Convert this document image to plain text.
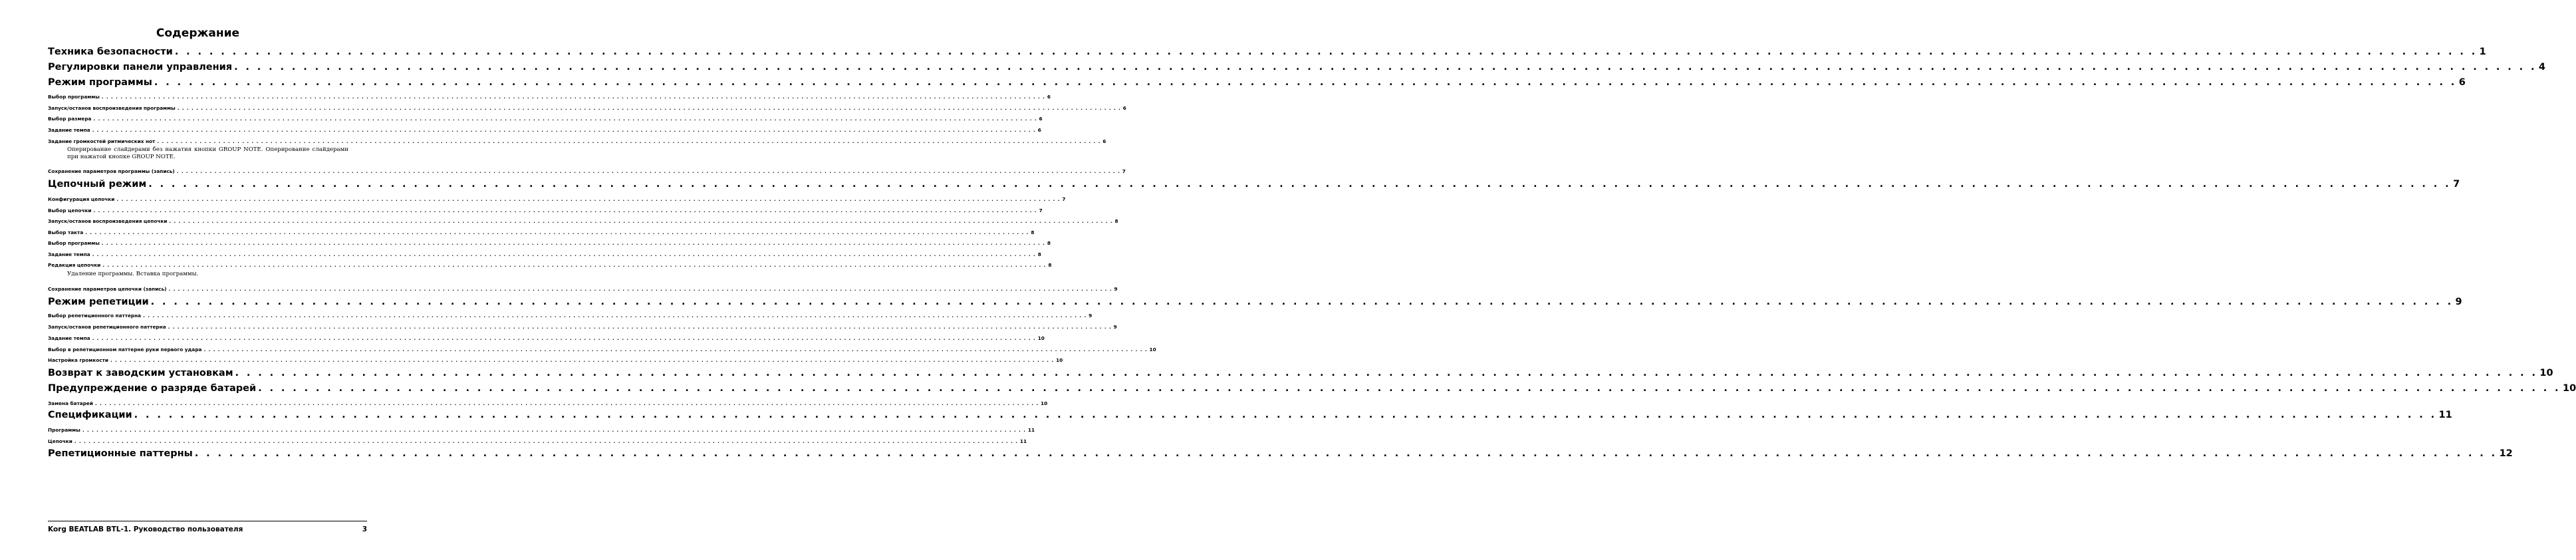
Содержание
Техника безопасности . . . . . . . . . . . . . . . . . . . . . . . . . . . . . . . . . . . . . . . . . . . . . . . . . . . . . . . . . . . . . . . . . . . . . . . . . . . . . . . . . . . . . . . . . . . . . . . . . . . . . . . . . . . . . . . . . . . . . . . . . . . . . . . . . . . . . . . . . . . . . . . . . . . . . . . . . . . . . . . . . . . . . . . . . . . . . . . . . . . . . . . . . . . . . . . . . . . . . . . . 1
Регулировки панели управления . . . . . . . . . . . . . . . . . . . . . . . . . . . . . . . . . . . . . . . . . . . . . . . . . . . . . . . . . . . . . . . . . . . . . . . . . . . . . . . . . . . . . . . . . . . . . . . . . . . . . . . . . . . . . . . . . . . . . . . . . . . . . . . . . . . . . . . . . . . . . . . . . . . . . . . . . . . . . . . . . . . . . . . . . . . . . . . . . . . . . . . . . . . . . . . . . . . . . . . . 4
Режим программы . . . . . . . . . . . . . . . . . . . . . . . . . . . . . . . . . . . . . . . . . . . . . . . . . . . . . . . . . . . . . . . . . . . . . . . . . . . . . . . . . . . . . . . . . . . . . . . . . . . . . . . . . . . . . . . . . . . . . . . . . . . . . . . . . . . . . . . . . . . . . . . . . . . . . . . . . . . . . . . . . . . . . . . . . . . . . . . . . . . . . . . . . . . . . . . . . . . . . . . . 6
Выбор программы . . . . . . . . . . . . . . . . . . . . . . . . . . . . . . . . . . . . . . . . . . . . . . . . . . . . . . . . . . . . . . . . . . . . . . . . . . . . . . . . . . . . . . . . . . . . . . . . . . . . . . . . . . . . . . . . . . . . . . . . . . . . . . . . . . . . . . . . . . . . . . . . . . . . . . . . . . . . . . . . . . . . . . . . . . . . . . . . . . . . . . . . . . . . . . . . . . . . . . . . 6
Запуск/останов воспроизведения программы . . . . . . . . . . . . . . . . . . . . . . . . . . . . . . . . . . . . . . . . . . . . . . . . . . . . . . . . . . . . . . . . . . . . . . . . . . . . . . . . . . . . . . . . . . . . . . . . . . . . . . . . . . . . . . . . . . . . . . . . . . . . . . . . . . . . . . . . . . . . . . . . . . . . . . . . . . . . . . . . . . . . . . . . . . . . . . . . . . . . . . . . . . . . . . . . . . . . . . . . 6
Выбор размера . . . . . . . . . . . . . . . . . . . . . . . . . . . . . . . . . . . . . . . . . . . . . . . . . . . . . . . . . . . . . . . . . . . . . . . . . . . . . . . . . . . . . . . . . . . . . . . . . . . . . . . . . . . . . . . . . . . . . . . . . . . . . . . . . . . . . . . . . . . . . . . . . . . . . . . . . . . . . . . . . . . . . . . . . . . . . . . . . . . . . . . . . . . . . . . . . . . . . . . . 6
Задание темпа . . . . . . . . . . . . . . . . . . . . . . . . . . . . . . . . . . . . . . . . . . . . . . . . . . . . . . . . . . . . . . . . . . . . . . . . . . . . . . . . . . . . . . . . . . . . . . . . . . . . . . . . . . . . . . . . . . . . . . . . . . . . . . . . . . . . . . . . . . . . . . . . . . . . . . . . . . . . . . . . . . . . . . . . . . . . . . . . . . . . . . . . . . . . . . . . . . . . . . . . 6
Задание громкостей ритмических нот . . . . . . . . . . . . . . . . . . . . . . . . . . . . . . . . . . . . . . . . . . . . . . . . . . . . . . . . . . . . . . . . . . . . . . . . . . . . . . . . . . . . . . . . . . . . . . . . . . . . . . . . . . . . . . . . . . . . . . . . . . . . . . . . . . . . . . . . . . . . . . . . . . . . . . . . . . . . . . . . . . . . . . . . . . . . . . . . . . . . . . . . . . . . . . . . . . . . . . . . 6
Оперирование слайдерами без нажатия кнопки GROUP NOTE. Оперирование слайдерами при нажатой кнопке GROUP NOTE.
Сохранение параметров программы (запись) . . . . . . . . . . . . . . . . . . . . . . . . . . . . . . . . . . . . . . . . . . . . . . . . . . . . . . . . . . . . . . . . . . . . . . . . . . . . . . . . . . . . . . . . . . . . . . . . . . . . . . . . . . . . . . . . . . . . . . . . . . . . . . . . . . . . . . . . . . . . . . . . . . . . . . . . . . . . . . . . . . . . . . . . . . . . . . . . . . . . . . . . . . . . . . . . . . . . . . . . 7
Цепочный режим . . . . . . . . . . . . . . . . . . . . . . . . . . . . . . . . . . . . . . . . . . . . . . . . . . . . . . . . . . . . . . . . . . . . . . . . . . . . . . . . . . . . . . . . . . . . . . . . . . . . . . . . . . . . . . . . . . . . . . . . . . . . . . . . . . . . . . . . . . . . . . . . . . . . . . . . . . . . . . . . . . . . . . . . . . . . . . . . . . . . . . . . . . . . . . . . . . . . . . . . 7
Конфигурация цепочки . . . . . . . . . . . . . . . . . . . . . . . . . . . . . . . . . . . . . . . . . . . . . . . . . . . . . . . . . . . . . . . . . . . . . . . . . . . . . . . . . . . . . . . . . . . . . . . . . . . . . . . . . . . . . . . . . . . . . . . . . . . . . . . . . . . . . . . . . . . . . . . . . . . . . . . . . . . . . . . . . . . . . . . . . . . . . . . . . . . . . . . . . . . . . . . . . . . . . . . . 7
Выбор цепочки . . . . . . . . . . . . . . . . . . . . . . . . . . . . . . . . . . . . . . . . . . . . . . . . . . . . . . . . . . . . . . . . . . . . . . . . . . . . . . . . . . . . . . . . . . . . . . . . . . . . . . . . . . . . . . . . . . . . . . . . . . . . . . . . . . . . . . . . . . . . . . . . . . . . . . . . . . . . . . . . . . . . . . . . . . . . . . . . . . . . . . . . . . . . . . . . . . . . . . . . 7
Запуск/останов воспроизведения цепочки . . . . . . . . . . . . . . . . . . . . . . . . . . . . . . . . . . . . . . . . . . . . . . . . . . . . . . . . . . . . . . . . . . . . . . . . . . . . . . . . . . . . . . . . . . . . . . . . . . . . . . . . . . . . . . . . . . . . . . . . . . . . . . . . . . . . . . . . . . . . . . . . . . . . . . . . . . . . . . . . . . . . . . . . . . . . . . . . . . . . . . . . . . . . . . . . . . . . . . . . 8
Выбор такта . . . . . . . . . . . . . . . . . . . . . . . . . . . . . . . . . . . . . . . . . . . . . . . . . . . . . . . . . . . . . . . . . . . . . . . . . . . . . . . . . . . . . . . . . . . . . . . . . . . . . . . . . . . . . . . . . . . . . . . . . . . . . . . . . . . . . . . . . . . . . . . . . . . . . . . . . . . . . . . . . . . . . . . . . . . . . . . . . . . . . . . . . . . . . . . . . . . . . . . . 8
Выбор программы . . . . . . . . . . . . . . . . . . . . . . . . . . . . . . . . . . . . . . . . . . . . . . . . . . . . . . . . . . . . . . . . . . . . . . . . . . . . . . . . . . . . . . . . . . . . . . . . . . . . . . . . . . . . . . . . . . . . . . . . . . . . . . . . . . . . . . . . . . . . . . . . . . . . . . . . . . . . . . . . . . . . . . . . . . . . . . . . . . . . . . . . . . . . . . . . . . . . . . . . 8
Задание темпа . . . . . . . . . . . . . . . . . . . . . . . . . . . . . . . . . . . . . . . . . . . . . . . . . . . . . . . . . . . . . . . . . . . . . . . . . . . . . . . . . . . . . . . . . . . . . . . . . . . . . . . . . . . . . . . . . . . . . . . . . . . . . . . . . . . . . . . . . . . . . . . . . . . . . . . . . . . . . . . . . . . . . . . . . . . . . . . . . . . . . . . . . . . . . . . . . . . . . . . . 8
Редакция цепочки . . . . . . . . . . . . . . . . . . . . . . . . . . . . . . . . . . . . . . . . . . . . . . . . . . . . . . . . . . . . . . . . . . . . . . . . . . . . . . . . . . . . . . . . . . . . . . . . . . . . . . . . . . . . . . . . . . . . . . . . . . . . . . . . . . . . . . . . . . . . . . . . . . . . . . . . . . . . . . . . . . . . . . . . . . . . . . . . . . . . . . . . . . . . . . . . . . . . . . . . 8
Удаление программы. Вставка программы.
Сохранение параметров цепочки (запись) . . . . . . . . . . . . . . . . . . . . . . . . . . . . . . . . . . . . . . . . . . . . . . . . . . . . . . . . . . . . . . . . . . . . . . . . . . . . . . . . . . . . . . . . . . . . . . . . . . . . . . . . . . . . . . . . . . . . . . . . . . . . . . . . . . . . . . . . . . . . . . . . . . . . . . . . . . . . . . . . . . . . . . . . . . . . . . . . . . . . . . . . . . . . . . . . . . . . . . . . 9
Режим репетиции . . . . . . . . . . . . . . . . . . . . . . . . . . . . . . . . . . . . . . . . . . . . . . . . . . . . . . . . . . . . . . . . . . . . . . . . . . . . . . . . . . . . . . . . . . . . . . . . . . . . . . . . . . . . . . . . . . . . . . . . . . . . . . . . . . . . . . . . . . . . . . . . . . . . . . . . . . . . . . . . . . . . . . . . . . . . . . . . . . . . . . . . . . . . . . . . . . . . . . . . 9
Выбор репетиционного паттерна . . . . . . . . . . . . . . . . . . . . . . . . . . . . . . . . . . . . . . . . . . . . . . . . . . . . . . . . . . . . . . . . . . . . . . . . . . . . . . . . . . . . . . . . . . . . . . . . . . . . . . . . . . . . . . . . . . . . . . . . . . . . . . . . . . . . . . . . . . . . . . . . . . . . . . . . . . . . . . . . . . . . . . . . . . . . . . . . . . . . . . . . . . . . . . . . . . . . . . . . 9
Запуск/останов репетиционного паттерна . . . . . . . . . . . . . . . . . . . . . . . . . . . . . . . . . . . . . . . . . . . . . . . . . . . . . . . . . . . . . . . . . . . . . . . . . . . . . . . . . . . . . . . . . . . . . . . . . . . . . . . . . . . . . . . . . . . . . . . . . . . . . . . . . . . . . . . . . . . . . . . . . . . . . . . . . . . . . . . . . . . . . . . . . . . . . . . . . . . . . . . . . . . . . . . . . . . . . . . . 9
Задание темпа . . . . . . . . . . . . . . . . . . . . . . . . . . . . . . . . . . . . . . . . . . . . . . . . . . . . . . . . . . . . . . . . . . . . . . . . . . . . . . . . . . . . . . . . . . . . . . . . . . . . . . . . . . . . . . . . . . . . . . . . . . . . . . . . . . . . . . . . . . . . . . . . . . . . . . . . . . . . . . . . . . . . . . . . . . . . . . . . . . . . . . . . . . . . . . . . . . . . . . . . 10
Выбор в репетиционном паттерне руки первого удара . . . . . . . . . . . . . . . . . . . . . . . . . . . . . . . . . . . . . . . . . . . . . . . . . . . . . . . . . . . . . . . . . . . . . . . . . . . . . . . . . . . . . . . . . . . . . . . . . . . . . . . . . . . . . . . . . . . . . . . . . . . . . . . . . . . . . . . . . . . . . . . . . . . . . . . . . . . . . . . . . . . . . . . . . . . . . . . . . . . . . . . . . . . . . . . . . . . . . . . . 10
Настройка громкости . . . . . . . . . . . . . . . . . . . . . . . . . . . . . . . . . . . . . . . . . . . . . . . . . . . . . . . . . . . . . . . . . . . . . . . . . . . . . . . . . . . . . . . . . . . . . . . . . . . . . . . . . . . . . . . . . . . . . . . . . . . . . . . . . . . . . . . . . . . . . . . . . . . . . . . . . . . . . . . . . . . . . . . . . . . . . . . . . . . . . . . . . . . . . . . . . . . . . . . . 10
Возврат к заводским установкам . . . . . . . . . . . . . . . . . . . . . . . . . . . . . . . . . . . . . . . . . . . . . . . . . . . . . . . . . . . . . . . . . . . . . . . . . . . . . . . . . . . . . . . . . . . . . . . . . . . . . . . . . . . . . . . . . . . . . . . . . . . . . . . . . . . . . . . . . . . . . . . . . . . . . . . . . . . . . . . . . . . . . . . . . . . . . . . . . . . . . . . . . . . . . . . . . . . . . . . . 10
Предупреждение о разряде батарей . . . . . . . . . . . . . . . . . . . . . . . . . . . . . . . . . . . . . . . . . . . . . . . . . . . . . . . . . . . . . . . . . . . . . . . . . . . . . . . . . . . . . . . . . . . . . . . . . . . . . . . . . . . . . . . . . . . . . . . . . . . . . . . . . . . . . . . . . . . . . . . . . . . . . . . . . . . . . . . . . . . . . . . . . . . . . . . . . . . . . . . . . . . . . . . . . . . . . . . . 10
Замена батарей . . . . . . . . . . . . . . . . . . . . . . . . . . . . . . . . . . . . . . . . . . . . . . . . . . . . . . . . . . . . . . . . . . . . . . . . . . . . . . . . . . . . . . . . . . . . . . . . . . . . . . . . . . . . . . . . . . . . . . . . . . . . . . . . . . . . . . . . . . . . . . . . . . . . . . . . . . . . . . . . . . . . . . . . . . . . . . . . . . . . . . . . . . . . . . . . . . . . . . . . 10
Спецификации . . . . . . . . . . . . . . . . . . . . . . . . . . . . . . . . . . . . . . . . . . . . . . . . . . . . . . . . . . . . . . . . . . . . . . . . . . . . . . . . . . . . . . . . . . . . . . . . . . . . . . . . . . . . . . . . . . . . . . . . . . . . . . . . . . . . . . . . . . . . . . . . . . . . . . . . . . . . . . . . . . . . . . . . . . . . . . . . . . . . . . . . . . . . . . . . . . . . . . . . 11
Программы . . . . . . . . . . . . . . . . . . . . . . . . . . . . . . . . . . . . . . . . . . . . . . . . . . . . . . . . . . . . . . . . . . . . . . . . . . . . . . . . . . . . . . . . . . . . . . . . . . . . . . . . . . . . . . . . . . . . . . . . . . . . . . . . . . . . . . . . . . . . . . . . . . . . . . . . . . . . . . . . . . . . . . . . . . . . . . . . . . . . . . . . . . . . . . . . . . . . . . . . 11
Цепочки . . . . . . . . . . . . . . . . . . . . . . . . . . . . . . . . . . . . . . . . . . . . . . . . . . . . . . . . . . . . . . . . . . . . . . . . . . . . . . . . . . . . . . . . . . . . . . . . . . . . . . . . . . . . . . . . . . . . . . . . . . . . . . . . . . . . . . . . . . . . . . . . . . . . . . . . . . . . . . . . . . . . . . . . . . . . . . . . . . . . . . . . . . . . . . . . . . . . . . . . 11
Репетиционные паттерны . . . . . . . . . . . . . . . . . . . . . . . . . . . . . . . . . . . . . . . . . . . . . . . . . . . . . . . . . . . . . . . . . . . . . . . . . . . . . . . . . . . . . . . . . . . . . . . . . . . . . . . . . . . . . . . . . . . . . . . . . . . . . . . . . . . . . . . . . . . . . . . . . . . . . . . . . . . . . . . . . . . . . . . . . . . . . . . . . . . . . . . . . . . . . . . . . . . . . . . . 12
Korg BEATLAB BTL-1. Руководство пользователя	3
